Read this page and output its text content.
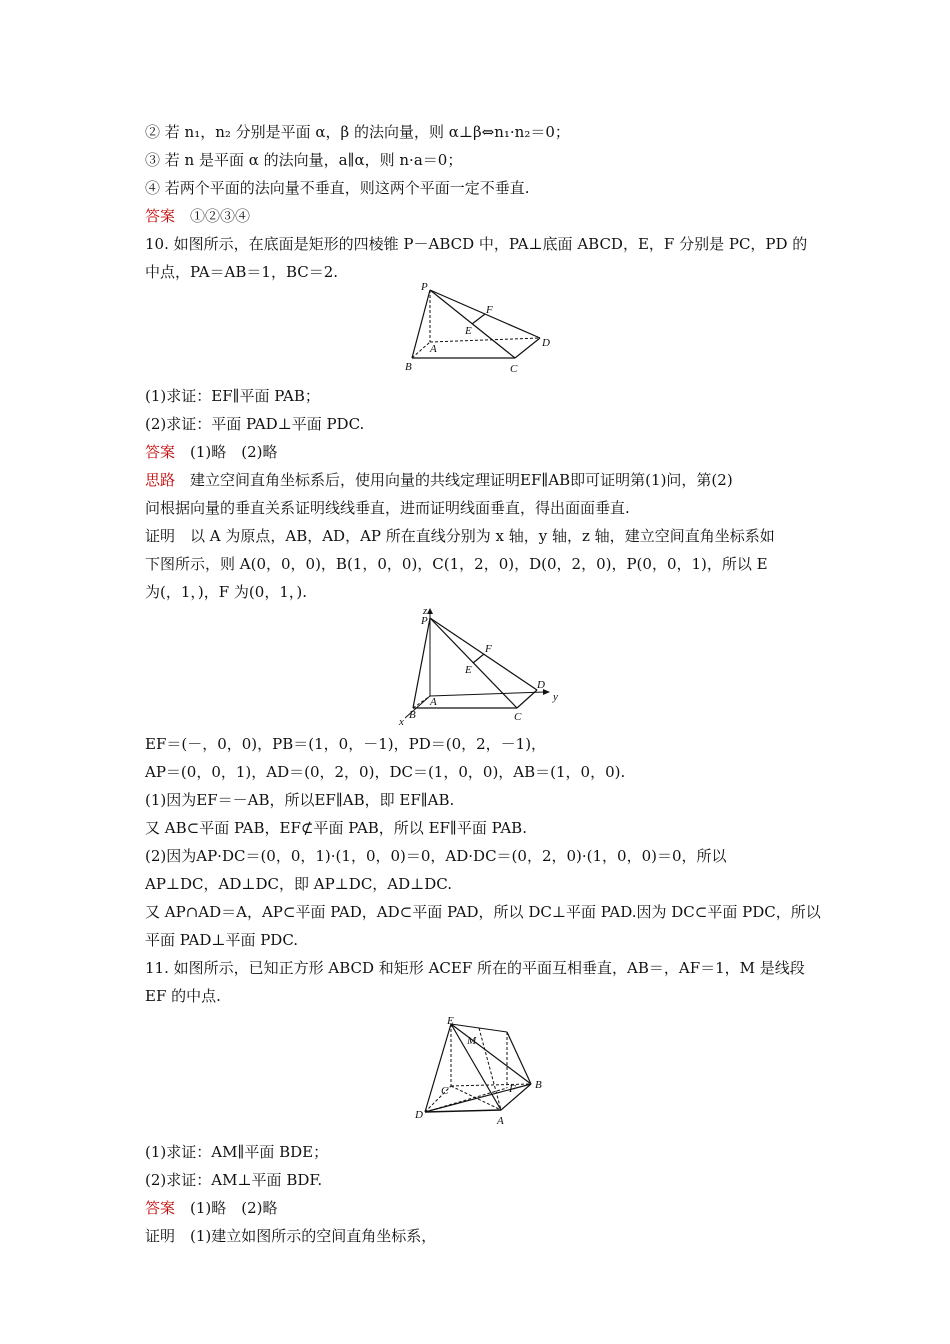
② 若 n₁，n₂ 分别是平面 α，β 的法向量，则 α⊥β⇔n₁·n₂＝0；
③ 若 n 是平面 α 的法向量，a∥α，则 n·a＝0；
④ 若两个平面的法向量不垂直，则这两个平面一定不垂直.
答案　 ①②③④
10. 如图所示，在底面是矩形的四棱锥 P－ABCD 中，PA⊥底面 ABCD，E，F 分别是 PC，PD 的
中点，PA＝AB＝1，BC＝2.
P
F
E
A	D
B	C
(1)求证：EF∥平面 PAB；
(2)求证：平面 PAD⊥平面 PDC.
答案　 (1)略　(2)略
思路　 建立空间直角坐标系后，使用向量的共线定理证明EF∥AB即可证明第(1)问，第(2)
问根据向量的垂直关系证明线线垂直，进而证明线面垂直，得出面面垂直.
证明　以 A 为原点，AB，AD，AP 所在直线分别为 x 轴，y 轴，z 轴，建立空间直角坐标系如
下图所示，则 A(0，0，0)，B(1，0，0)，C(1，2，0)，D(0，2，0)，P(0，0，1)，所以 E
为(，1，)，F 为(0，1，).
z
P
F
E
A
D
y
B	C
x
EF＝(－，0，0)，PB＝(1，0，－1)，PD＝(0，2，－1)，
AP＝(0，0，1)，AD＝(0，2，0)，DC＝(1，0，0)，AB＝(1，0，0).
(1)因为EF＝－AB，所以EF∥AB，即 EF∥AB.
又 AB⊂平面 PAB，EF⊄平面 PAB，所以 EF∥平面 PAB.
(2)因为AP·DC＝(0，0，1)·(1，0，0)＝0，AD·DC＝(0，2，0)·(1，0，0)＝0，所以
AP⊥DC，AD⊥DC，即 AP⊥DC，AD⊥DC.
又 AP∩AD＝A，AP⊂平面 PAD，AD⊂平面 PAD，所以 DC⊥平面 PAD.因为 DC⊂平面 PDC，所以
平面 PAD⊥平面 PDC.
11. 如图所示，已知正方形 ABCD 和矩形 ACEF 所在的平面互相垂直，AB＝，AF＝1，M 是线段
EF 的中点.
E
M
C	F B
D	A
(1)求证：AM∥平面 BDE；
(2)求证：AM⊥平面 BDF.
答案　 (1)略　(2)略
证明　(1)建立如图所示的空间直角坐标系，
